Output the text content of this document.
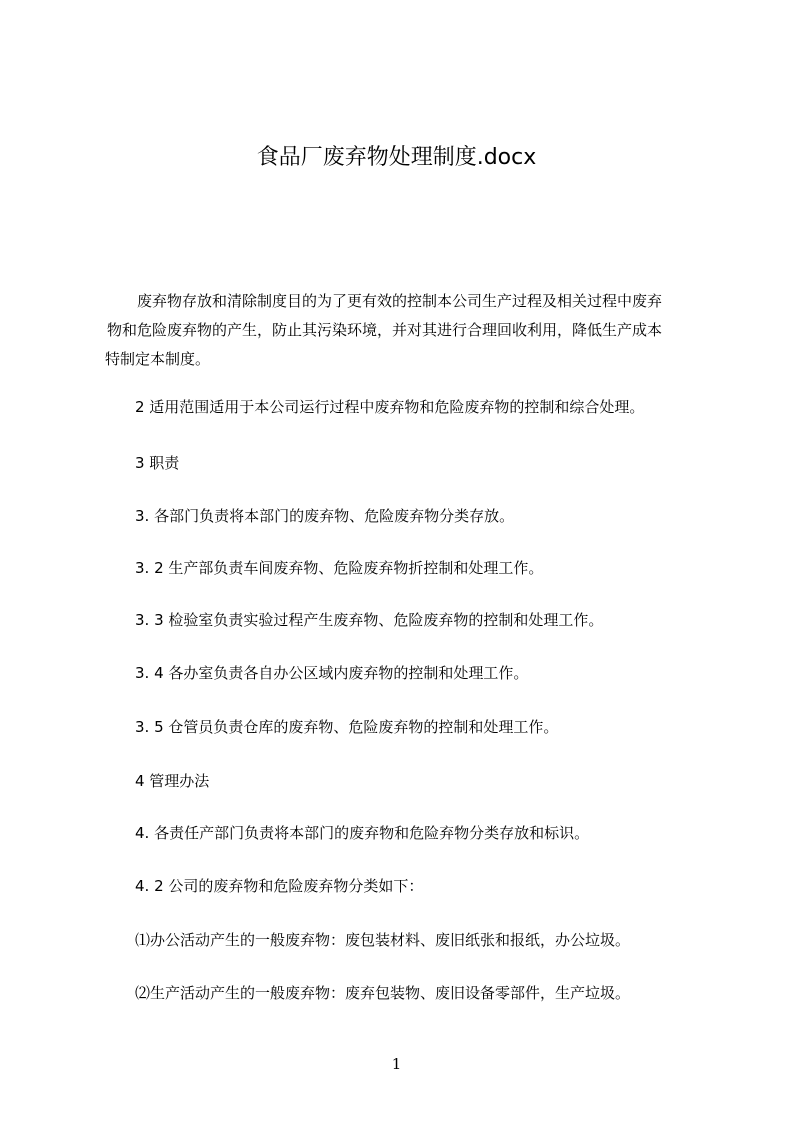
食品厂废弃物处理制度.docx
废弃物存放和清除制度目的为了更有效的控制本公司生产过程及相关过程中废弃
物和危险废弃物的产生，防止其污染环境，并对其进行合理回收利用，降低生产成本
特制定本制度。
2 适用范围适用于本公司运行过程中废弃物和危险废弃物的控制和综合处理。
3 职责
3. 各部门负责将本部门的废弃物、危险废弃物分类存放。
3. 2 生产部负责车间废弃物、危险废弃物折控制和处理工作。
3. 3 检验室负责实验过程产生废弃物、危险废弃物的控制和处理工作。
3. 4 各办室负责各自办公区域内废弃物的控制和处理工作。
3. 5 仓管员负责仓库的废弃物、危险废弃物的控制和处理工作。
4 管理办法
4. 各责任产部门负责将本部门的废弃物和危险弃物分类存放和标识。
4. 2 公司的废弃物和危险废弃物分类如下：
⑴办公活动产生的一般废弃物：废包装材料、废旧纸张和报纸，办公垃圾。
⑵生产活动产生的一般废弃物：废弃包装物、废旧设备零部件，生产垃圾。
1
